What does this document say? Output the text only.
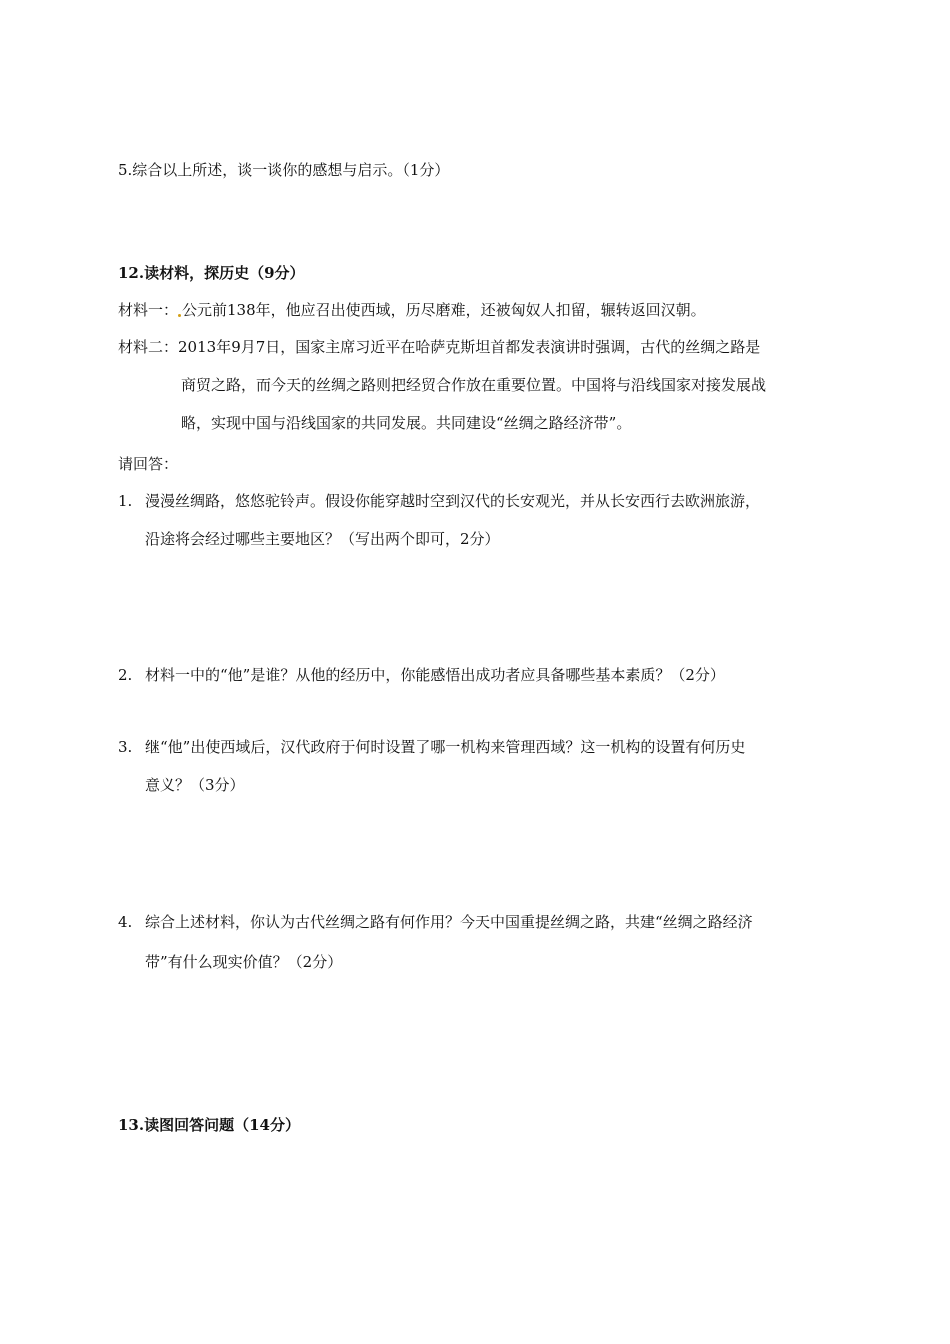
5.综合以上所述，谈一谈你的感想与启示。（1分）
12.读材料，探历史（9分）
材料一： 公元前138年，他应召出使西域，历尽磨难，还被匈奴人扣留，辗转返回汉朝。
材料二：2013年9月7日，国家主席习近平在哈萨克斯坦首都发表演讲时强调，古代的丝绸之路是
商贸之路，而今天的丝绸之路则把经贸合作放在重要位置。中国将与沿线国家对接发展战
略，实现中国与沿线国家的共同发展。共同建设“丝绸之路经济带”。
请回答：
1. 漫漫丝绸路，悠悠驼铃声。假设你能穿越时空到汉代的长安观光，并从长安西行去欧洲旅游，
沿途将会经过哪些主要地区？（写出两个即可，2分）
2. 材料一中的“他”是谁？从他的经历中，你能感悟出成功者应具备哪些基本素质？（2分）
3. 继“他”出使西域后，汉代政府于何时设置了哪一机构来管理西域？这一机构的设置有何历史
意义？（3分）
4. 综合上述材料，你认为古代丝绸之路有何作用？今天中国重提丝绸之路，共建“丝绸之路经济
带”有什么现实价值？（2分）
13.读图回答问题（14分）
